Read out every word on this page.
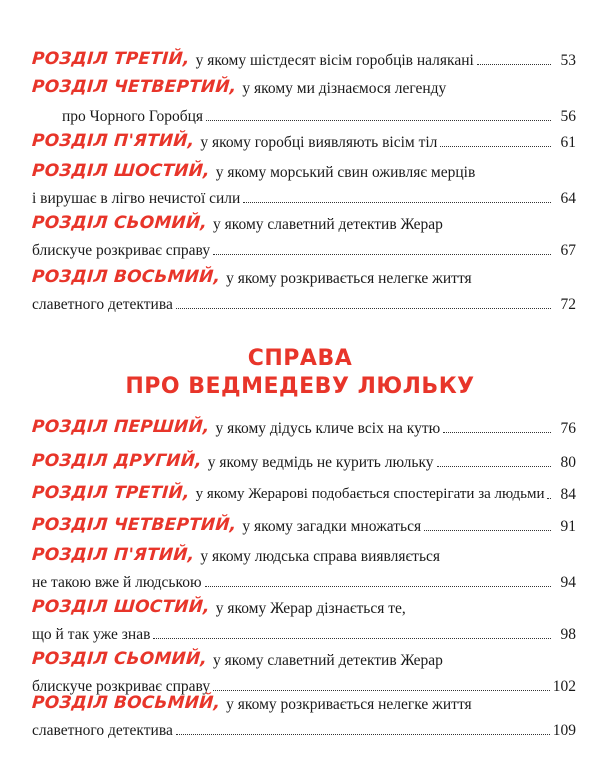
РОЗДІЛ ТРЕТІЙ, у якому шістдесят вісім горобців налякані	53
РОЗДІЛ ЧЕТВЕРТИЙ, у якому ми дізнаємося легенду
про Чорного Горобця	56
РОЗДІЛ П'ЯТИЙ, у якому горобці виявляють вісім тіл	61
РОЗДІЛ ШОСТИЙ, у якому морський свин оживляє мерців
і вирушає в лігво нечистої сили	64
РОЗДІЛ СЬОМИЙ, у якому славетний детектив Жерар
блискуче розкриває справу	67
РОЗДІЛ ВОСЬМИЙ, у якому розкривається нелегке життя
славетного детектива	72
СПРАВА
ПРО ВЕДМЕДЕВУ ЛЮЛЬКУ
РОЗДІЛ ПЕРШИЙ, у якому дідусь кличе всіх на кутю	76
РОЗДІЛ ДРУГИЙ, у якому ведмідь не курить люльку	80
РОЗДІЛ ТРЕТІЙ, у якому Жерарові подобається спостерігати за людьми	84
РОЗДІЛ ЧЕТВЕРТИЙ, у якому загадки множаться	91
РОЗДІЛ П'ЯТИЙ, у якому людська справа виявляється
не такою вже й людською	94
РОЗДІЛ ШОСТИЙ, у якому Жерар дізнається те,
що й так уже знав	98
РОЗДІЛ СЬОМИЙ, у якому славетний детектив Жерар
блискуче розкриває справу	102
РОЗДІЛ ВОСЬМИЙ, у якому розкривається нелегке життя
славетного детектива	109
